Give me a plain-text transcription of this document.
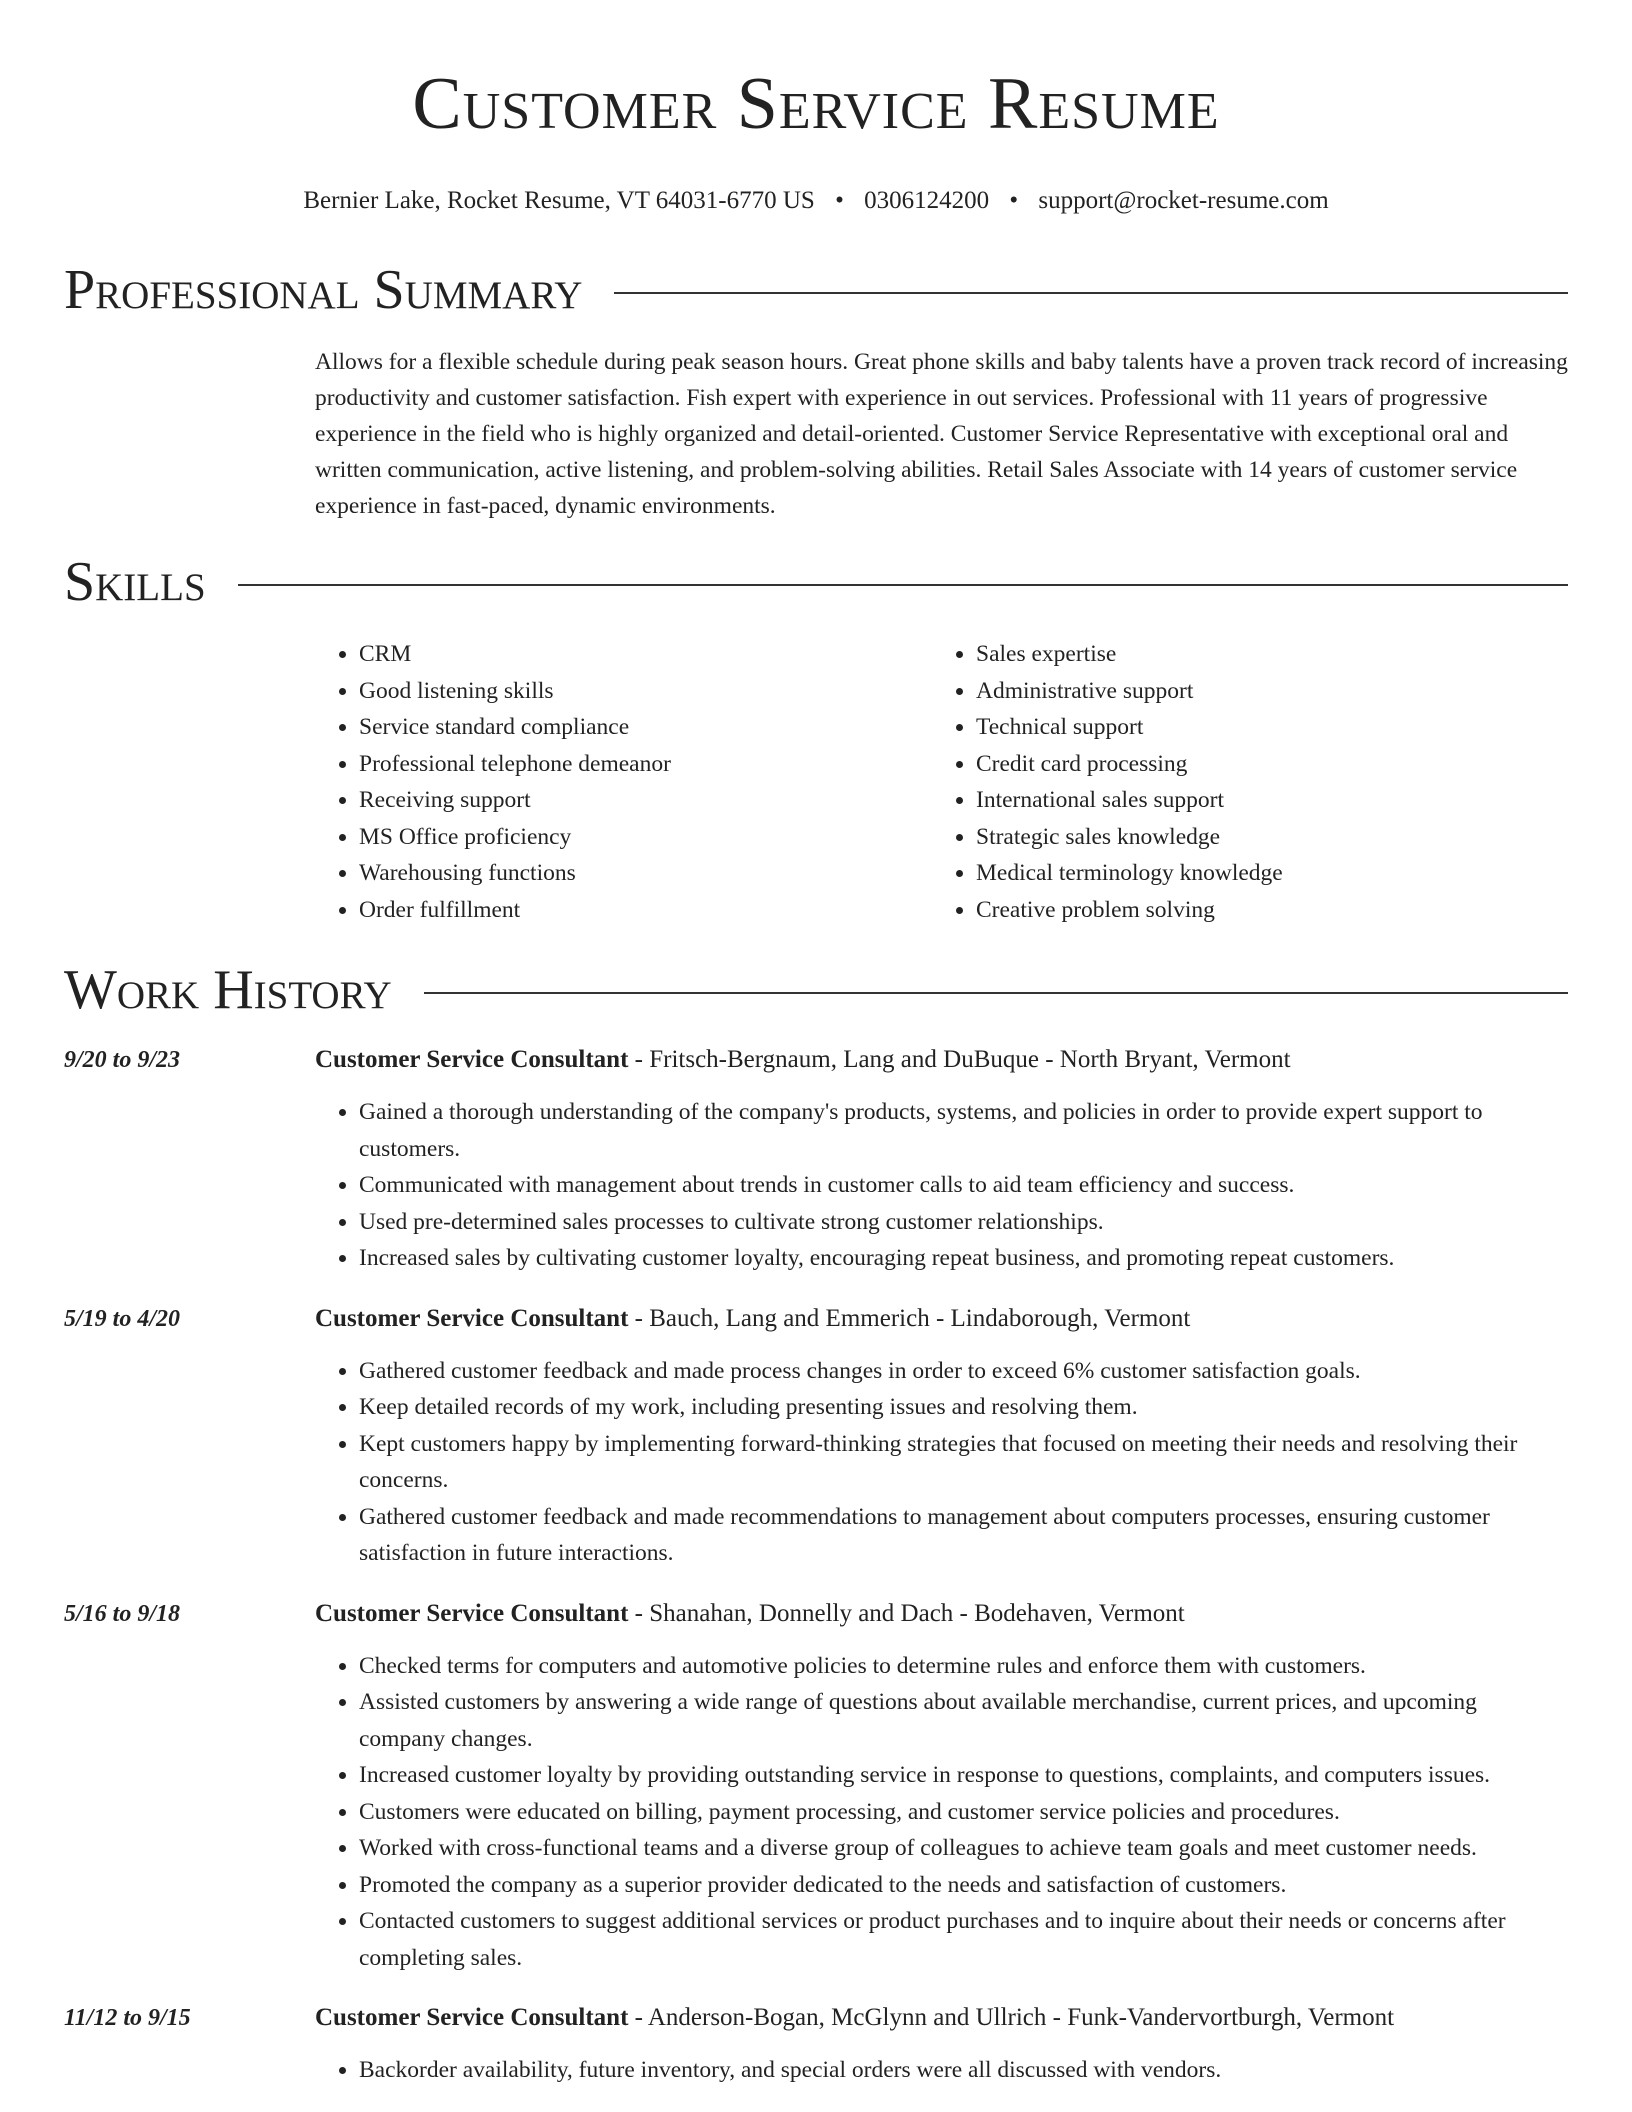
Customer Service Resume
Bernier Lake, Rocket Resume, VT 64031-6770 US • 0306124200 • support@rocket-resume.com
Professional Summary

Allows for a flexible schedule during peak season hours. Great phone skills and baby talents have a proven track record of increasing productivity and customer satisfaction. Fish expert with experience in out services. Professional with 11 years of progressive experience in the field who is highly organized and detail-oriented. Customer Service Representative with exceptional oral and written communication, active listening, and problem-solving abilities. Retail Sales Associate with 14 years of customer service experience in fast-paced, dynamic environments.

Skills
• CRM
• Good listening skills
• Service standard compliance
• Professional telephone demeanor
• Receiving support
• MS Office proficiency
• Warehousing functions
• Order fulfillment
• Sales expertise
• Administrative support
• Technical support
• Credit card processing
• International sales support
• Strategic sales knowledge
• Medical terminology knowledge
• Creative problem solving
Work History
9/20 to 9/23	Customer Service Consultant - Fritsch-Bergnaum, Lang and DuBuque - North Bryant, Vermont
• Gained a thorough understanding of the company's products, systems, and policies in order to provide expert support to customers.
• Communicated with management about trends in customer calls to aid team efficiency and success.
• Used pre-determined sales processes to cultivate strong customer relationships.
• Increased sales by cultivating customer loyalty, encouraging repeat business, and promoting repeat customers.
5/19 to 4/20	Customer Service Consultant - Bauch, Lang and Emmerich - Lindaborough, Vermont
• Gathered customer feedback and made process changes in order to exceed 6% customer satisfaction goals.
• Keep detailed records of my work, including presenting issues and resolving them.
• Kept customers happy by implementing forward-thinking strategies that focused on meeting their needs and resolving their concerns.
• Gathered customer feedback and made recommendations to management about computers processes, ensuring customer satisfaction in future interactions.
5/16 to 9/18	Customer Service Consultant - Shanahan, Donnelly and Dach - Bodehaven, Vermont
• Checked terms for computers and automotive policies to determine rules and enforce them with customers.
• Assisted customers by answering a wide range of questions about available merchandise, current prices, and upcoming company changes.
• Increased customer loyalty by providing outstanding service in response to questions, complaints, and computers issues.
• Customers were educated on billing, payment processing, and customer service policies and procedures.
• Worked with cross-functional teams and a diverse group of colleagues to achieve team goals and meet customer needs.
• Promoted the company as a superior provider dedicated to the needs and satisfaction of customers.
• Contacted customers to suggest additional services or product purchases and to inquire about their needs or concerns after completing sales.
11/12 to 9/15	Customer Service Consultant - Anderson-Bogan, McGlynn and Ullrich - Funk-Vandervortburgh, Vermont
• Backorder availability, future inventory, and special orders were all discussed with vendors.
